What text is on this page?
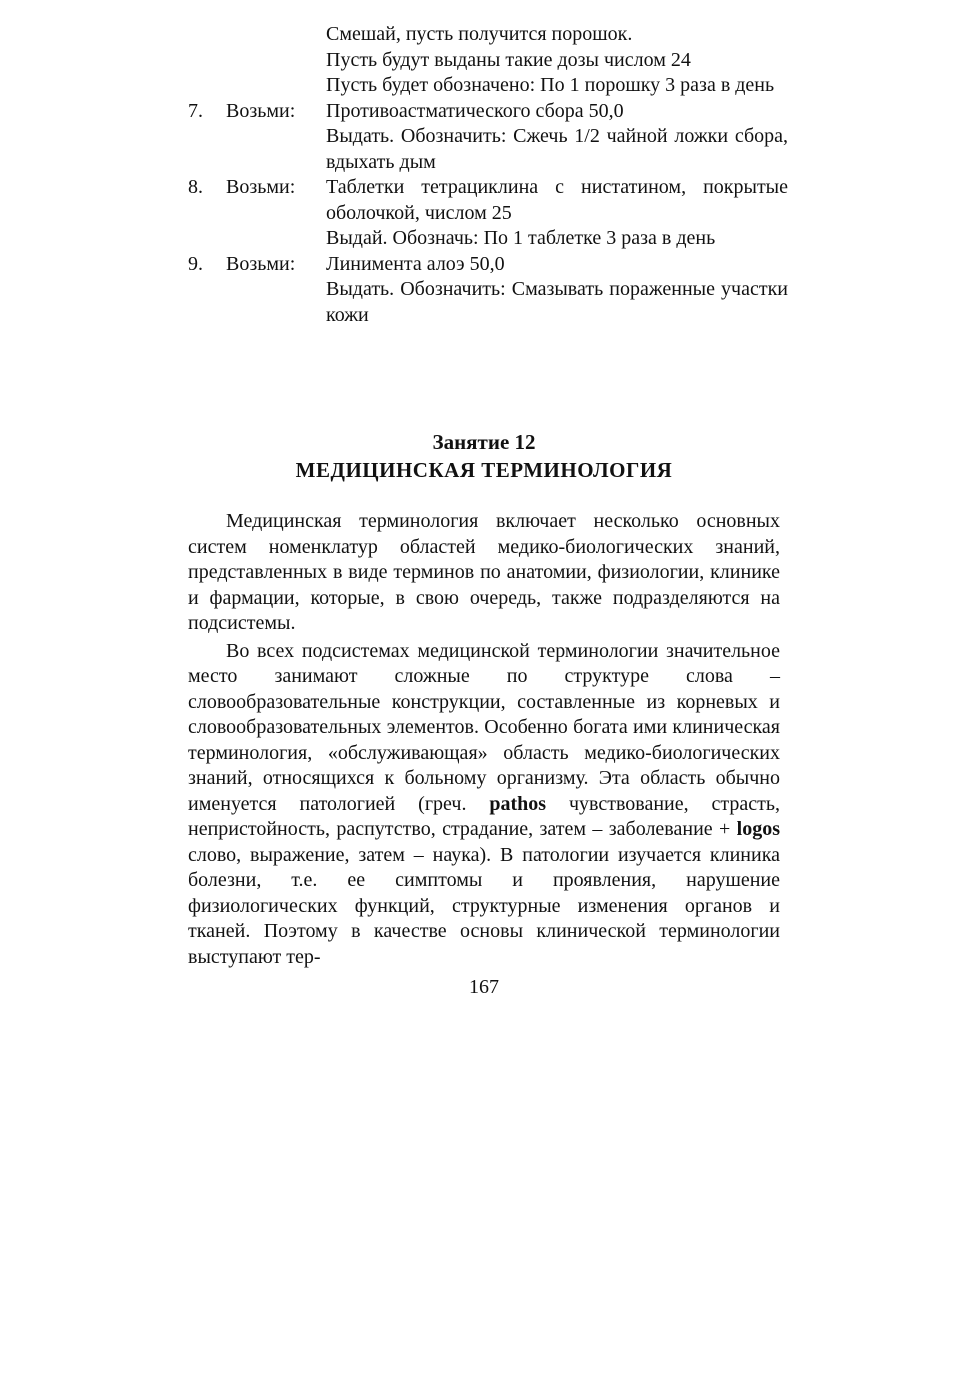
Смешай, пусть получится порошок.
Пусть будут выданы такие дозы числом 24
Пусть будет обозначено: По 1 порошку 3 раза в день
7.	Возьми:	Противоастматического сбора 50,0
Выдать. Обозначить: Сжечь 1/2 чайной ложки сбора, вдыхать дым
8.	Возьми:	Таблетки тетрациклина с нистатином, покрытые оболочкой, числом 25
Выдай. Обозначь: По 1 таблетке 3 раза в день
9.	Возьми:	Линимента алоэ 50,0
Выдать. Обозначить: Смазывать пораженные участки кожи
Занятие 12
МЕДИЦИНСКАЯ ТЕРМИНОЛОГИЯ

Медицинская терминология включает несколько основных систем номенклатур областей медико-биологических знаний, представленных в виде терминов по анатомии, физиологии, клинике и фармации, которые, в свою очередь, также подразделяются на подсистемы.

Во всех подсистемах медицинской терминологии значительное место занимают сложные по структуре слова – словообразовательные конструкции, составленные из корневых и словообразовательных элементов. Особенно богата ими клиническая терминология, «обслуживающая» область медико-биологических знаний, относящихся к больному организму. Эта область обычно именуется патологией (греч. pathos чувствование, страсть, непристойность, распутство, страдание, затем – заболевание + logos слово, выражение, затем – наука). В патологии изучается клиника болезни, т.е. ее симптомы и проявления, нарушение физиологических функций, структурные изменения органов и тканей. Поэтому в качестве основы клинической терминологии выступают тер-

167
